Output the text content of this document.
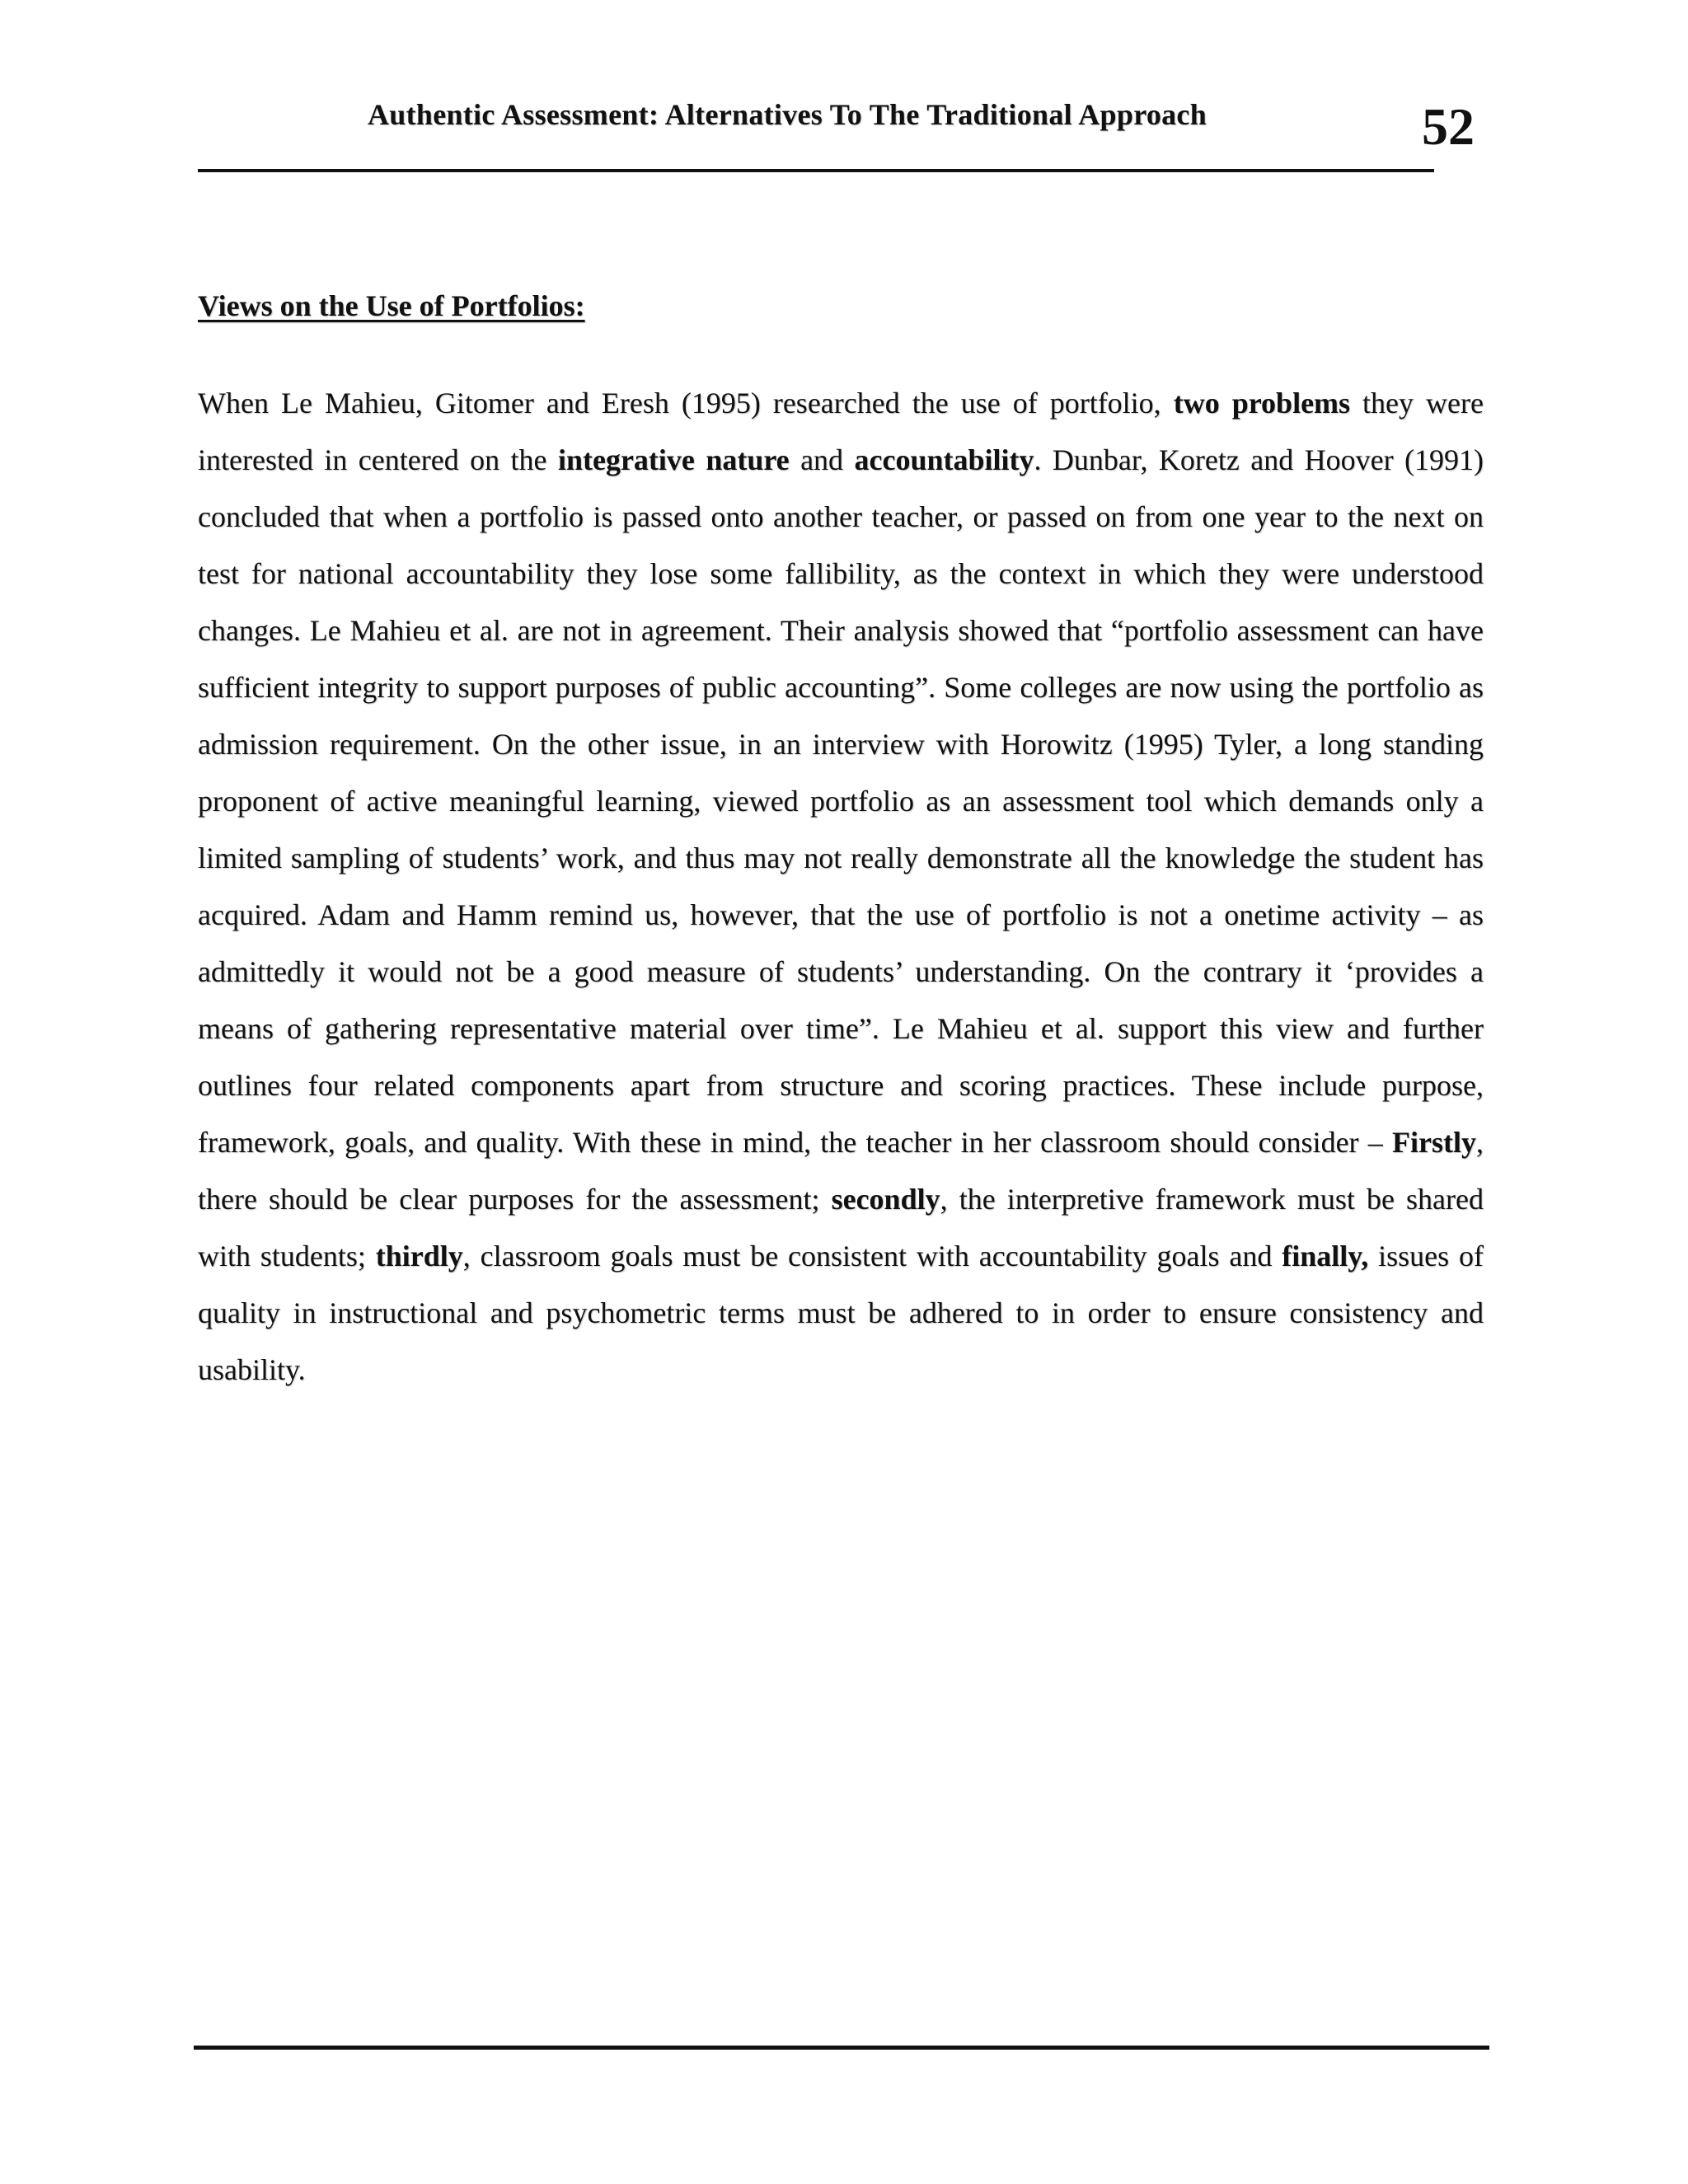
Authentic Assessment: Alternatives To The Traditional Approach	52
Views on the Use of Portfolios:

When Le Mahieu, Gitomer and Eresh (1995) researched the use of portfolio, two problems they were interested in centered on the integrative nature and accountability. Dunbar, Koretz and Hoover (1991) concluded that when a portfolio is passed onto another teacher, or passed on from one year to the next on test for national accountability they lose some fallibility, as the context in which they were understood changes. Le Mahieu et al. are not in agreement. Their analysis showed that “portfolio assessment can have sufficient integrity to support purposes of public accounting”. Some colleges are now using the portfolio as admission requirement. On the other issue, in an interview with Horowitz (1995) Tyler, a long standing proponent of active meaningful learning, viewed portfolio as an assessment tool which demands only a limited sampling of students’ work, and thus may not really demonstrate all the knowledge the student has acquired. Adam and Hamm remind us, however, that the use of portfolio is not a onetime activity – as admittedly it would not be a good measure of students’ understanding. On the contrary it ‘provides a means of gathering representative material over time”. Le Mahieu et al. support this view and further outlines four related components apart from structure and scoring practices. These include purpose, framework, goals, and quality. With these in mind, the teacher in her classroom should consider – Firstly, there should be clear purposes for the assessment; secondly, the interpretive framework must be shared with students; thirdly, classroom goals must be consistent with accountability goals and finally, issues of quality in instructional and psychometric terms must be adhered to in order to ensure consistency and usability.
